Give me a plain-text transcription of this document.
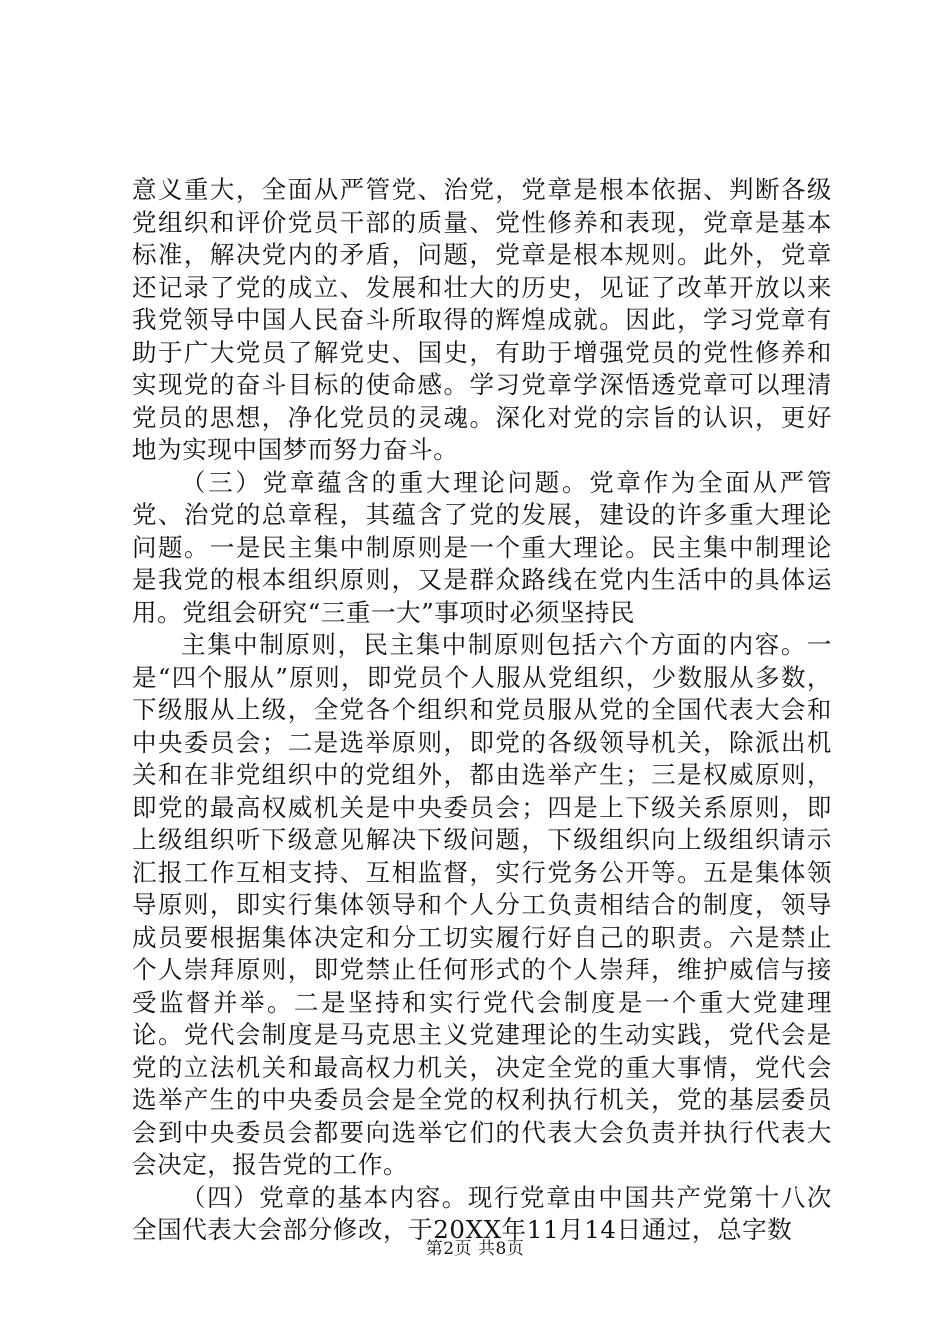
意义重大，全面从严管党、治党，党章是根本依据、判断各级党组织和评价党员干部的质量、党性修养和表现，党章是基本标准，解决党内的矛盾，问题，党章是根本规则。此外，党章还记录了党的成立、发展和壮大的历史，见证了改革开放以来我党领导中国人民奋斗所取得的辉煌成就。因此，学习党章有助于广大党员了解党史、国史，有助于增强党员的党性修养和实现党的奋斗目标的使命感。学习党章学深悟透党章可以理清党员的思想，净化党员的灵魂。深化对党的宗旨的认识，更好地为实现中国梦而努力奋斗。

（三）党章蕴含的重大理论问题。党章作为全面从严管党、治党的总章程，其蕴含了党的发展，建设的许多重大理论问题。一是民主集中制原则是一个重大理论。民主集中制理论是我党的根本组织原则，又是群众路线在党内生活中的具体运用。党组会研究“三重一大”事项时必须坚持民

主集中制原则，民主集中制原则包括六个方面的内容。一是“四个服从”原则，即党员个人服从党组织，少数服从多数，下级服从上级，全党各个组织和党员服从党的全国代表大会和中央委员会；二是选举原则，即党的各级领导机关，除派出机关和在非党组织中的党组外，都由选举产生；三是权威原则，即党的最高权威机关是中央委员会；四是上下级关系原则，即上级组织听下级意见解决下级问题，下级组织向上级组织请示汇报工作互相支持、互相监督，实行党务公开等。五是集体领导原则，即实行集体领导和个人分工负责相结合的制度，领导成员要根据集体决定和分工切实履行好自己的职责。六是禁止个人崇拜原则，即党禁止任何形式的个人崇拜，维护威信与接受监督并举。二是坚持和实行党代会制度是一个重大党建理论。党代会制度是马克思主义党建理论的生动实践，党代会是党的立法机关和最高权力机关，决定全党的重大事情，党代会选举产生的中央委员会是全党的权利执行机关，党的基层委员会到中央委员会都要向选举它们的代表大会负责并执行代表大会决定，报告党的工作。

（四）党章的基本内容。现行党章由中国共产党第十八次全国代表大会部分修改，于20XX年11月14日通过，总字数

第2页 共8页
